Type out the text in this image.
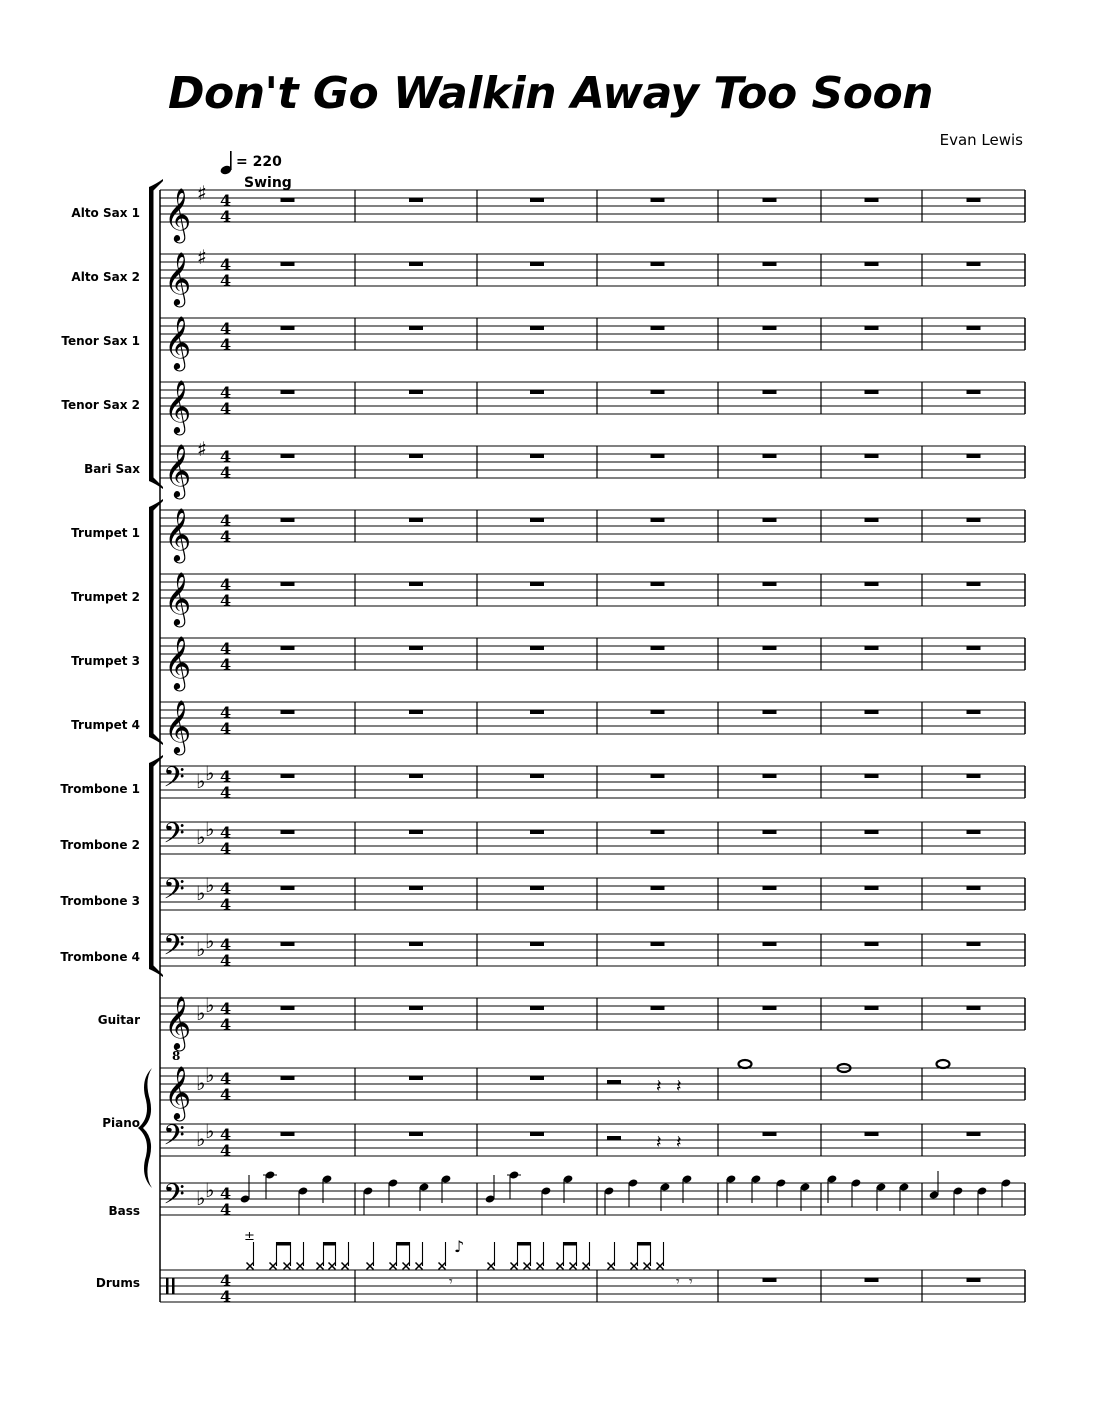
Don't Go Walkin Away Too Soon
Evan Lewis
= 220
Swing
Alto Sax 1
Alto Sax 2
Tenor Sax 1
Tenor Sax 2
Bari Sax
Trumpet 1
Trumpet 2
Trumpet 3
Trumpet 4
Trombone 1
Trombone 2
Trombone 3
Trombone 4
Guitar
Piano
Bass
Drums
𝄞 ♯ 4
4
𝄞 ♯ 4
4
𝄞 4
4
𝄞 4
4
𝄞 ♯ 4
4
𝄞 4
4
𝄞 4
4
𝄞 4
4
𝄞 4
4
𝄢 ♭ ♭ 4
4
𝄢 ♭ ♭ 4
4
𝄢 ♭ ♭ 4
4
𝄢 ♭ ♭ 4
4
𝄞 ♭ ♭ 4
4
𝄞 ♭ ♭ 4
4
𝄢 ♭ ♭ 4
4
𝄢 ♭ ♭ 4
4
4
4
8
𝄽 𝄽
𝄽 𝄽
±
♪
𝄾	𝄾 𝄾
